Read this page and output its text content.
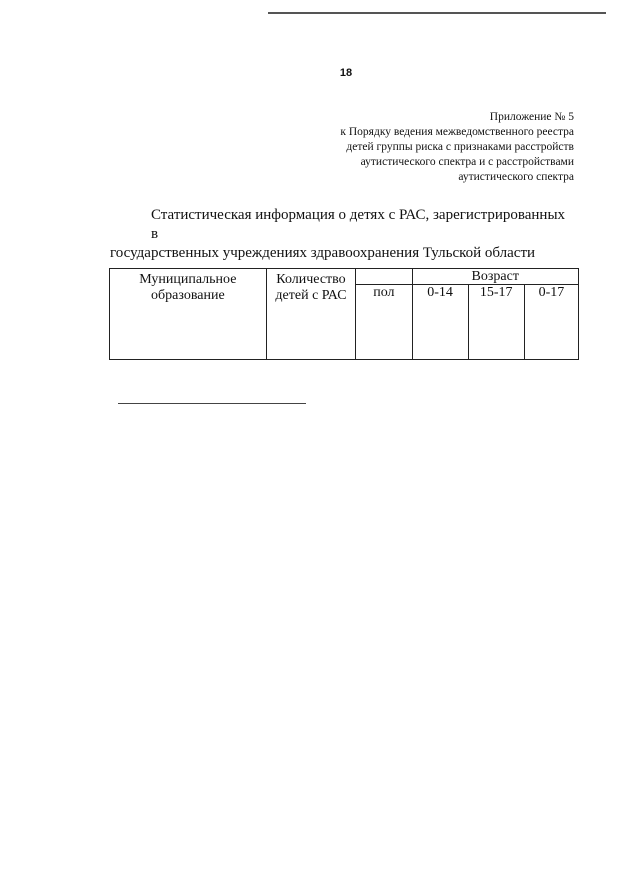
18
Приложение № 5
к Порядку ведения межведомственного реестра
детей группы риска с признаками расстройств
аутистического спектра и с расстройствами
аутистического спектра
Статистическая информация о детях с РАС, зарегистрированных в
государственных учреждениях здравоохранения Тульской области
Муниципальное образование	Количество детей с РАС		Возраст		
		пол	0-14	15-17	0-17
